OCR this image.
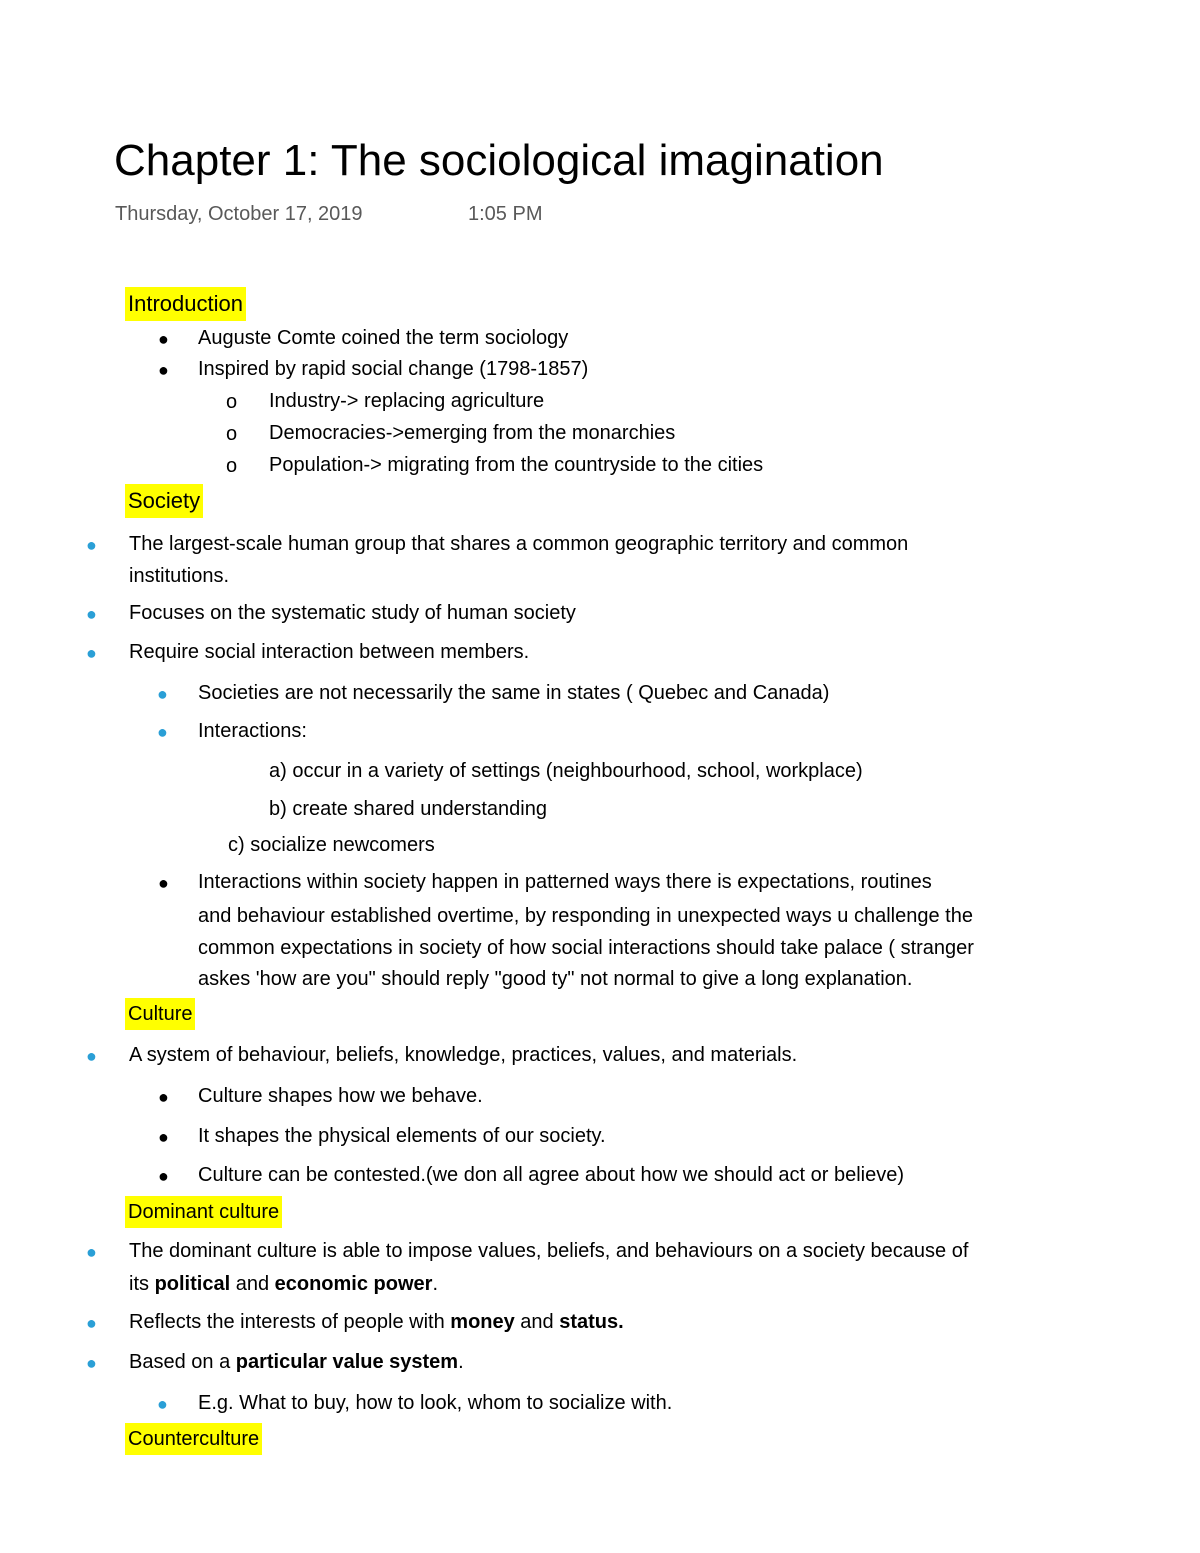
Chapter 1: The sociological imagination
Thursday, October 17, 2019	1:05 PM
Introduction
● Auguste Comte coined the term sociology
● Inspired by rapid social change (1798-1857)
o Industry-> replacing agriculture
o Democracies->emerging from the monarchies
o Population-> migrating from the countryside to the cities
Society
● The largest-scale human group that shares a common geographic territory and common
institutions.
● Focuses on the systematic study of human society
● Require social interaction between members.
● Societies are not necessarily the same in states ( Quebec and Canada)
● Interactions:
a) occur in a variety of settings (neighbourhood, school, workplace)
b) create shared understanding
c) socialize newcomers
● Interactions within society happen in patterned ways there is expectations, routines
and behaviour established overtime, by responding in unexpected ways u challenge the
common expectations in society of how social interactions should take palace ( stranger
askes 'how are you" should reply "good ty" not normal to give a long explanation.
Culture
● A system of behaviour, beliefs, knowledge, practices, values, and materials.
● Culture shapes how we behave.
● It shapes the physical elements of our society.
● Culture can be contested.(we don all agree about how we should act or believe)
Dominant culture
● The dominant culture is able to impose values, beliefs, and behaviours on a society because of
its political and economic power.
● Reflects the interests of people with money and status.
● Based on a particular value system.
● E.g. What to buy, how to look, whom to socialize with.
Counterculture
